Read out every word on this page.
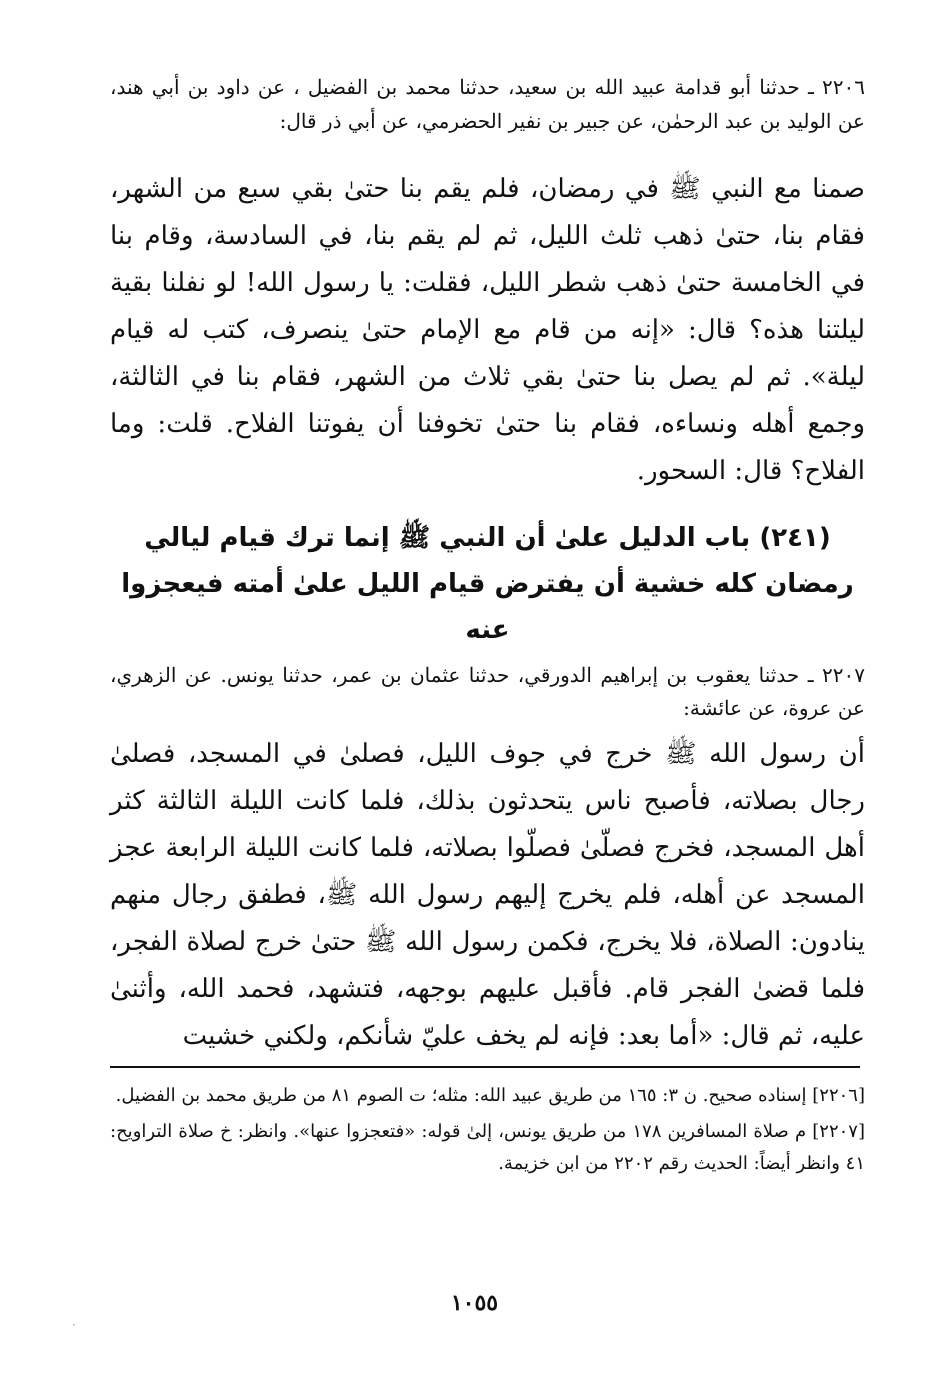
٢٢٠٦ ـ حدثنا أبو قدامة عبيد الله بن سعيد، حدثنا محمد بن الفضيل ، عن داود بن أبي هند، عن الوليد بن عبد الرحمٰن، عن جبير بن نفير الحضرمي، عن أبي ذر قال:

صمنا مع النبي ﷺ في رمضان، فلم يقم بنا حتىٰ بقي سبع من الشهر، فقام بنا، حتىٰ ذهب ثلث الليل، ثم لم يقم بنا، في السادسة، وقام بنا في الخامسة حتىٰ ذهب شطر الليل، فقلت: يا رسول الله! لو نفلنا بقية ليلتنا هذه؟ قال: «إنه من قام مع الإمام حتىٰ ينصرف، كتب له قيام ليلة». ثم لم يصل بنا حتىٰ بقي ثلاث من الشهر، فقام بنا في الثالثة، وجمع أهله ونساءه، فقام بنا حتىٰ تخوفنا أن يفوتنا الفلاح. قلت: وما الفلاح؟ قال: السحور.

(٢٤١) باب الدليل علىٰ أن النبي ﷺ إنما ترك قيام ليالي رمضان كله خشية أن يفترض قيام الليل علىٰ أمته فيعجزوا عنه

٢٢٠٧ ـ حدثنا يعقوب بن إبراهيم الدورقي، حدثنا عثمان بن عمر، حدثنا يونس. عن الزهري، عن عروة، عن عائشة:

أن رسول الله ﷺ خرج في جوف الليل، فصلىٰ في المسجد، فصلىٰ رجال بصلاته، فأصبح ناس يتحدثون بذلك، فلما كانت الليلة الثالثة كثر أهل المسجد، فخرج فصلّىٰ فصلّوا بصلاته، فلما كانت الليلة الرابعة عجز المسجد عن أهله، فلم يخرج إليهم رسول الله ﷺ، فطفق رجال منهم ينادون: الصلاة، فلا يخرج، فكمن رسول الله ﷺ حتىٰ خرج لصلاة الفجر، فلما قضىٰ الفجر قام. فأقبل عليهم بوجهه، فتشهد، فحمد الله، وأثنىٰ عليه، ثم قال: «أما بعد: فإنه لم يخف عليّ شأنكم، ولكني خشيت

[٢٢٠٦] إسناده صحيح. ن ٣: ١٦٥ من طريق عبيد الله: مثله؛ ت الصوم ٨١ من طريق محمد بن الفضيل.

[٢٢٠٧] م صلاة المسافرين ١٧٨ من طريق يونس، إلىٰ قوله: «فتعجزوا عنها». وانظر: خ صلاة التراويح: ٤١ وانظر أيضاً: الحديث رقم ٢٢٠٢ من ابن خزيمة.

١٠٥٥
·
